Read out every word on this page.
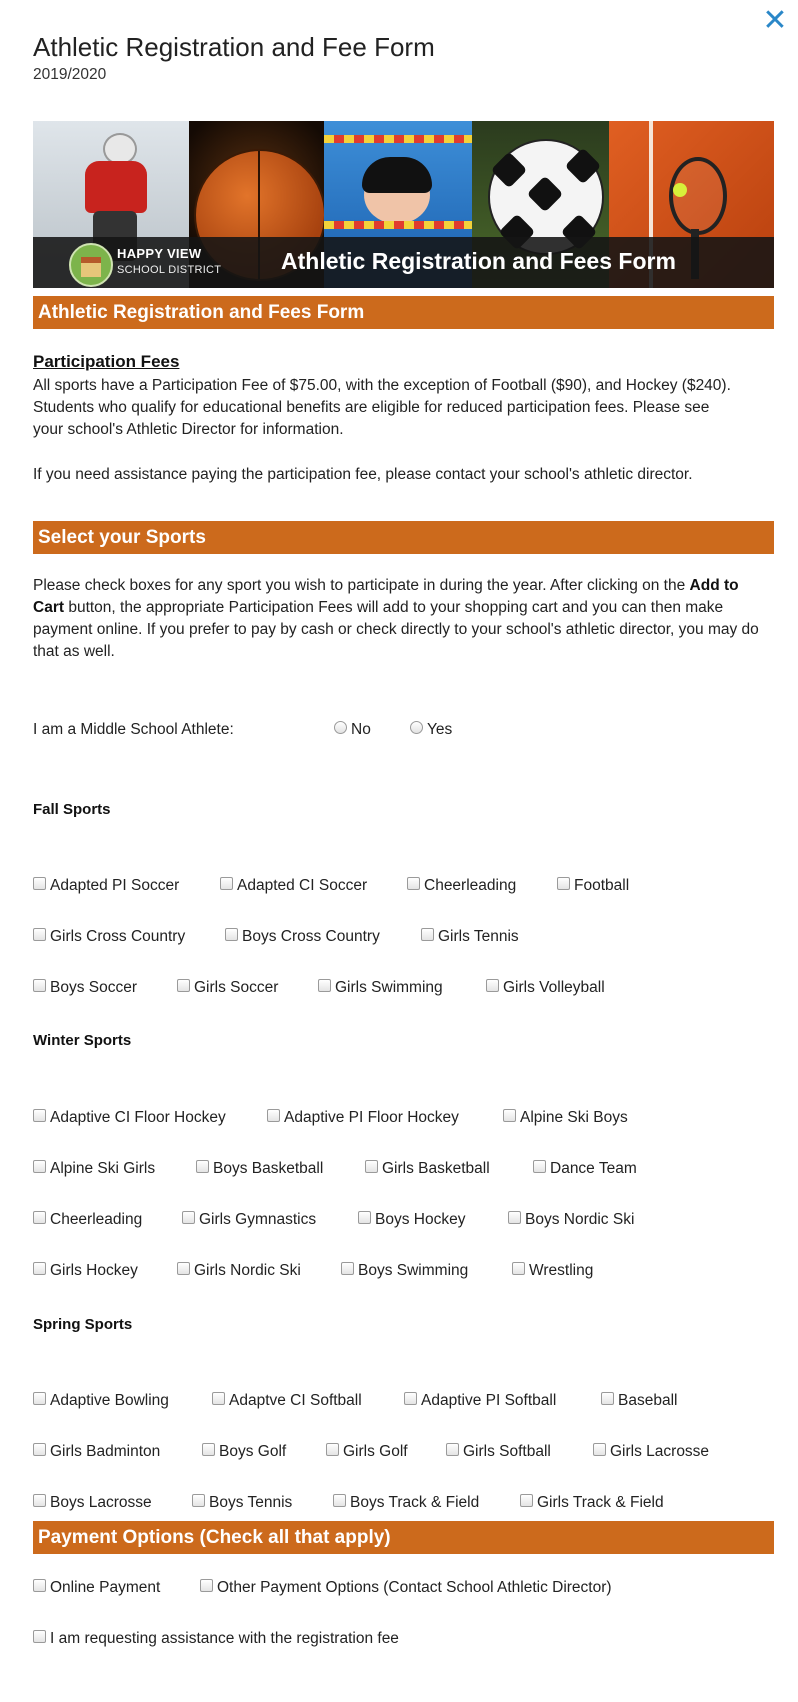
✕
Athletic Registration and Fee Form
2019/2020
HAPPY VIEW
SCHOOL DISTRICT	Athletic Registration and Fees Form
Athletic Registration and Fees Form
Participation Fees
All sports have a Participation Fee of $75.00, with the exception of Football ($90), and Hockey ($240).
Students who qualify for educational benefits are eligible for reduced participation fees. Please see
your school's Athletic Director for information.
If you need assistance paying the participation fee, please contact your school's athletic director.
Select your Sports
Please check boxes for any sport you wish to participate in during the year. After clicking on the Add to Cart button, the appropriate Participation Fees will add to your shopping cart and you can then make payment online. If you prefer to pay by cash or check directly to your school's athletic director, you may do that as well.
I am a Middle School Athlete:	No	Yes
Fall Sports
Adapted PI Soccer	Adapted CI Soccer	Cheerleading	Football
Girls Cross Country	Boys Cross Country	Girls Tennis
Boys Soccer	Girls Soccer	Girls Swimming	Girls Volleyball
Winter Sports
Adaptive CI Floor Hockey	Adaptive PI Floor Hockey	Alpine Ski Boys
Alpine Ski Girls	Boys Basketball	Girls Basketball	Dance Team
Cheerleading	Girls Gymnastics	Boys Hockey	Boys Nordic Ski
Girls Hockey	Girls Nordic Ski	Boys Swimming	Wrestling
Spring Sports
Adaptive Bowling	Adaptve CI Softball	Adaptive PI Softball	Baseball
Girls Badminton	Boys Golf	Girls Golf	Girls Softball	Girls Lacrosse
Boys Lacrosse	Boys Tennis	Boys Track & Field	Girls Track & Field
Payment Options (Check all that apply)
Online Payment	Other Payment Options (Contact School Athletic Director)
I am requesting assistance with the registration fee
